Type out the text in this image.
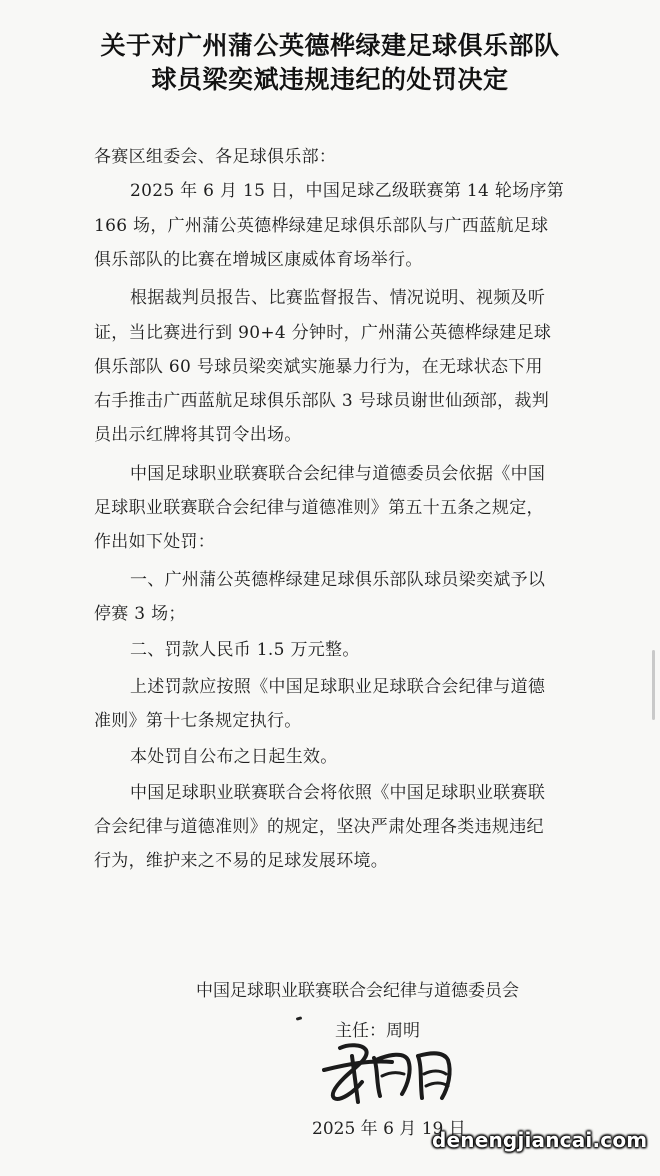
关于对广州蒲公英德桦绿建足球俱乐部队
球员梁奕斌违规违纪的处罚决定
各赛区组委会、各足球俱乐部：
2025 年 6 月 15 日，中国足球乙级联赛第 14 轮场序第
166 场，广州蒲公英德桦绿建足球俱乐部队与广西蓝航足球
俱乐部队的比赛在增城区康威体育场举行。
根据裁判员报告、比赛监督报告、情况说明、视频及听
证，当比赛进行到 90+4 分钟时，广州蒲公英德桦绿建足球
俱乐部队 60 号球员梁奕斌实施暴力行为，在无球状态下用
右手推击广西蓝航足球俱乐部队 3 号球员谢世仙颈部，裁判
员出示红牌将其罚令出场。
中国足球职业联赛联合会纪律与道德委员会依据《中国
足球职业联赛联合会纪律与道德准则》第五十五条之规定，
作出如下处罚：
一、广州蒲公英德桦绿建足球俱乐部队球员梁奕斌予以
停赛 3 场；
二、罚款人民币 1.5 万元整。
上述罚款应按照《中国足球职业足球联合会纪律与道德
准则》第十七条规定执行。
本处罚自公布之日起生效。
中国足球职业联赛联合会将依照《中国足球职业联赛联
合会纪律与道德准则》的规定，坚决严肃处理各类违规违纪
行为，维护来之不易的足球发展环境。
中国足球职业联赛联合会纪律与道德委员会
主任：周明
2025 年 6 月 19 日
denengjiancai.com
